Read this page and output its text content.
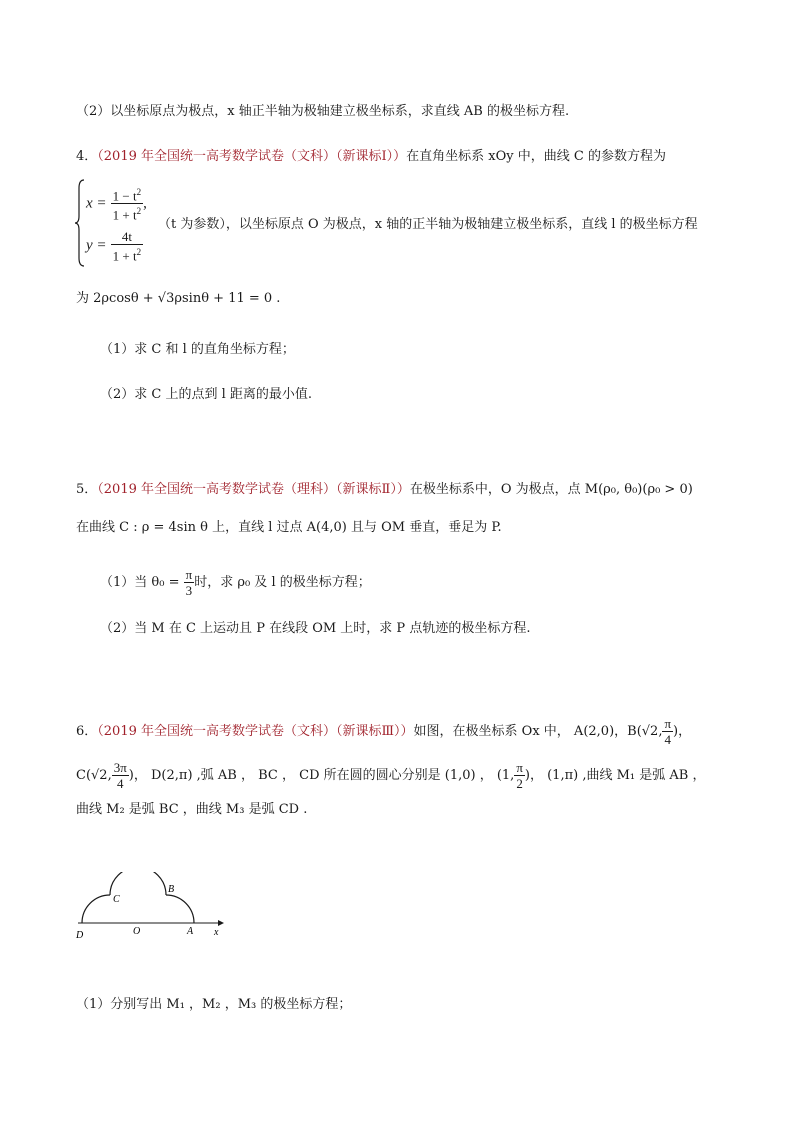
（2）以坐标原点为极点，x 轴正半轴为极轴建立极坐标系，求直线 AB 的极坐标方程.
4．（2019 年全国统一高考数学试卷（文科）（新课标Ⅰ））在直角坐标系 xOy 中，曲线 C 的参数方程为
$x = \frac{1 - t^2}{1 + t^2}$ ,
（t 为参数），以坐标原点 O 为极点，x 轴的正半轴为极轴建立极坐标系，直线 l 的极坐标方程
$y = \frac{4t}{1 + t^2}$
为 2ρcosθ + √3ρsinθ + 11 = 0 .
（1）求 C 和 l 的直角坐标方程；
（2）求 C 上的点到 l 距离的最小值.
5．（2019 年全国统一高考数学试卷（理科）（新课标Ⅱ））在极坐标系中，O 为极点，点 M(ρ₀, θ₀)(ρ₀ > 0)
在曲线 C : ρ = 4sin θ 上，直线 l 过点 A(4,0) 且与 OM 垂直，垂足为 P.
（1）当 $\theta_0 = \frac{\pi}{3}$ 时，求 ρ₀ 及 l 的极坐标方程；
（2）当 M 在 C 上运动且 P 在线段 OM 上时，求 P 点轨迹的极坐标方程.
6．（2019 年全国统一高考数学试卷（文科）（新课标Ⅲ））如图，在极坐标系 Ox 中， A(2,0)，B(√2, $\frac{\pi}{4}$ )，
C(√2, $\frac{3\pi}{4}$ )， D(2,π) ,弧 AB ， BC ， CD 所在圆的圆心分别是 (1,0) ， (1, $\frac{\pi}{2}$ )， (1,π) ,曲线 M₁ 是弧 AB ，
曲线 M₂ 是弧 BC ，曲线 M₃ 是弧 CD .
D	O	A x
C
B
（1）分别写出 M₁ ，M₂ ，M₃ 的极坐标方程；
